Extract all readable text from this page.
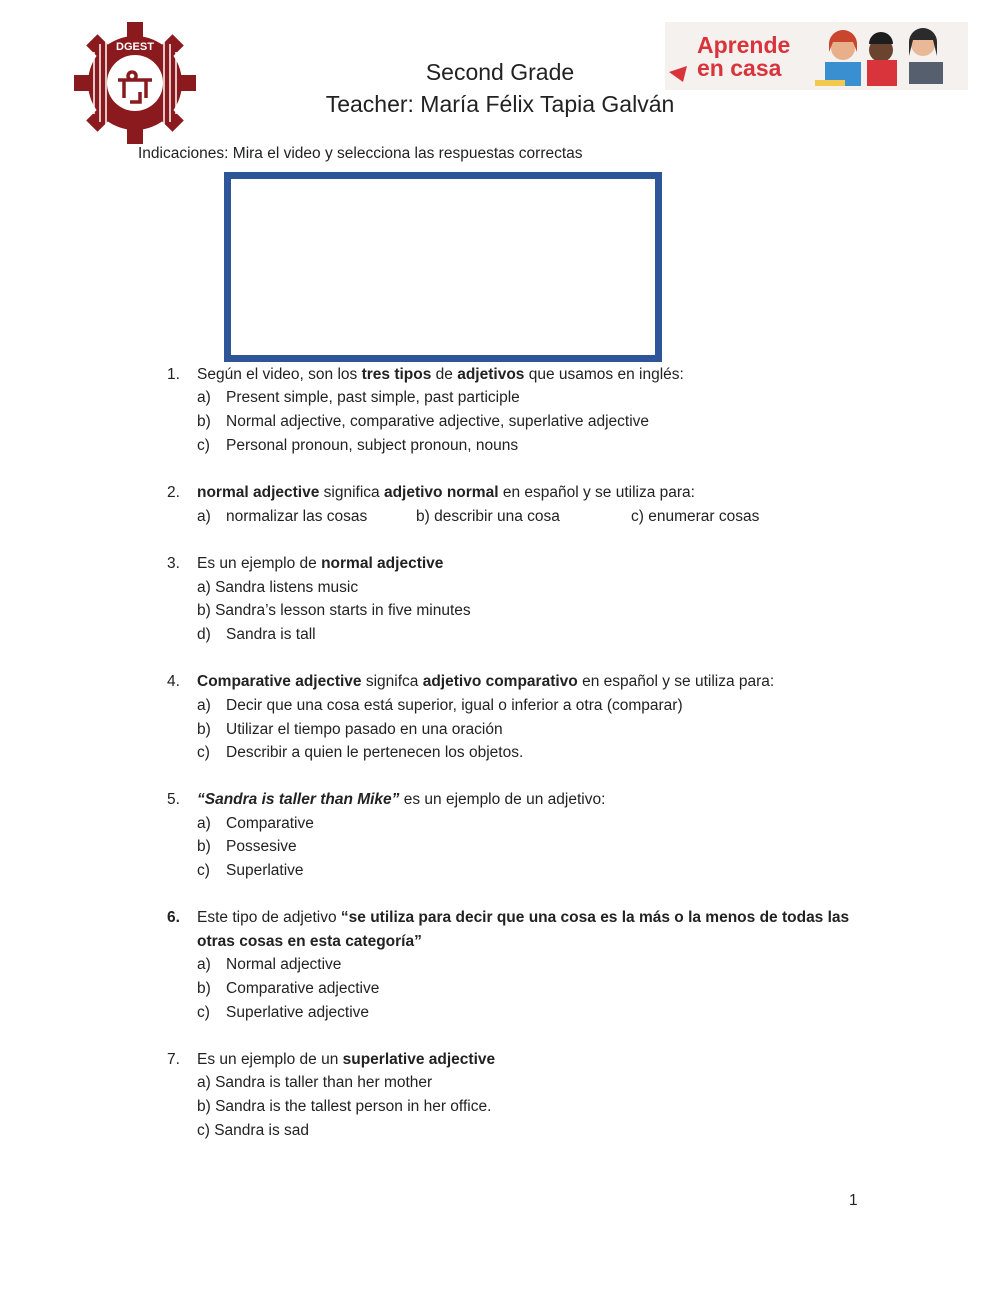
DGEST	Aprende
en casa
Second Grade
Teacher: María Félix Tapia Galván
Indicaciones: Mira el video y selecciona las respuestas correctas
1. Según el video, son los tres tipos de adjetivos que usamos en inglés:
a) Present simple, past simple, past participle
b) Normal adjective, comparative adjective, superlative adjective
c) Personal pronoun, subject pronoun, nouns
2. normal adjective significa adjetivo normal en español y se utiliza para:
a) normalizar las cosas	b) describir una cosa	c) enumerar cosas
3. Es un ejemplo de normal adjective
a) Sandra listens music
b) Sandra’s lesson starts in five minutes
d) Sandra is tall
4. Comparative adjective signifca adjetivo comparativo en español y se utiliza para:
a) Decir que una cosa está superior, igual o inferior a otra (comparar)
b) Utilizar el tiempo pasado en una oración
c) Describir a quien le pertenecen los objetos.
5. “Sandra is taller than Mike” es un ejemplo de un adjetivo:
a) Comparative
b) Possesive
c) Superlative
6. Este tipo de adjetivo “se utiliza para decir que una cosa es la más o la menos de todas las
otras cosas en esta categoría”
a) Normal adjective
b) Comparative adjective
c) Superlative adjective
7. Es un ejemplo de un superlative adjective
a) Sandra is taller than her mother
b) Sandra is the tallest person in her office.
c) Sandra is sad
1
